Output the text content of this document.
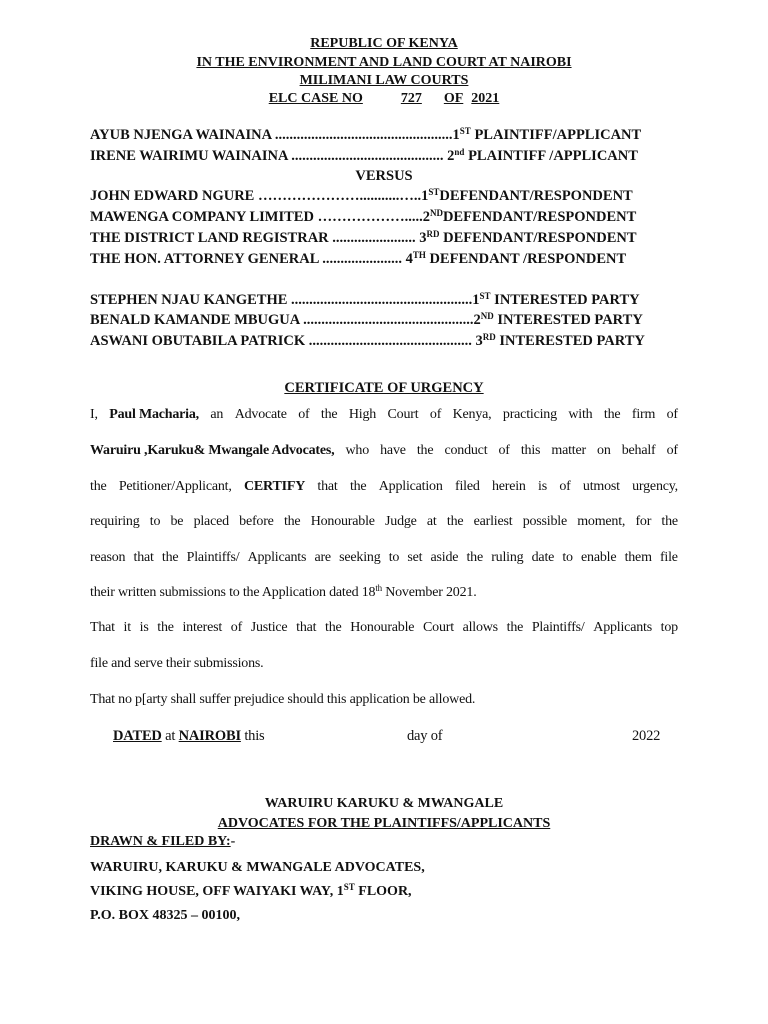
REPUBLIC OF KENYA
IN THE ENVIRONMENT AND LAND COURT AT NAIROBI
MILIMANI LAW COURTS
ELC CASE NO	727 OF 2021
AYUB NJENGA WAINAINA .................................................1ST PLAINTIFF/APPLICANT
IRENE WAIRIMU WAINAINA .......................................... 2nd PLAINTIFF /APPLICANT
VERSUS
JOHN EDWARD NGURE …………………...........…..1STDEFENDANT/RESPONDENT
MAWENGA COMPANY LIMITED ……………….....2NDDEFENDANT/RESPONDENT
THE DISTRICT LAND REGISTRAR ....................... 3RD DEFENDANT/RESPONDENT
THE HON. ATTORNEY GENERAL ...................... 4TH DEFENDANT /RESPONDENT
STEPHEN NJAU KANGETHE ..................................................1ST INTERESTED PARTY
BENALD KAMANDE MBUGUA ...............................................2ND INTERESTED PARTY
ASWANI OBUTABILA PATRICK ............................................. 3RD INTERESTED PARTY
CERTIFICATE OF URGENCY
I, Paul Macharia, an Advocate of the High Court of Kenya, practicing with the firm of
Waruiru ,Karuku& Mwangale Advocates, who have the conduct of this matter on behalf of
the Petitioner/Applicant, CERTIFY that the Application filed herein is of utmost urgency,
requiring to be placed before the Honourable Judge at the earliest possible moment, for the
reason that the Plaintiffs/ Applicants are seeking to set aside the ruling date to enable them file
their written submissions to the Application dated 18th November 2021.
That it is the interest of Justice that the Honourable Court allows the Plaintiffs/ Applicants top
file and serve their submissions.
That no p[arty shall suffer prejudice should this application be allowed.
DATED at NAIROBI this	day of	2022
WARUIRU KARUKU & MWANGALE
ADVOCATES FOR THE PLAINTIFFS/APPLICANTS
DRAWN & FILED BY:-
WARUIRU, KARUKU & MWANGALE ADVOCATES,
VIKING HOUSE, OFF WAIYAKI WAY, 1ST FLOOR,
P.O. BOX 48325 – 00100,
